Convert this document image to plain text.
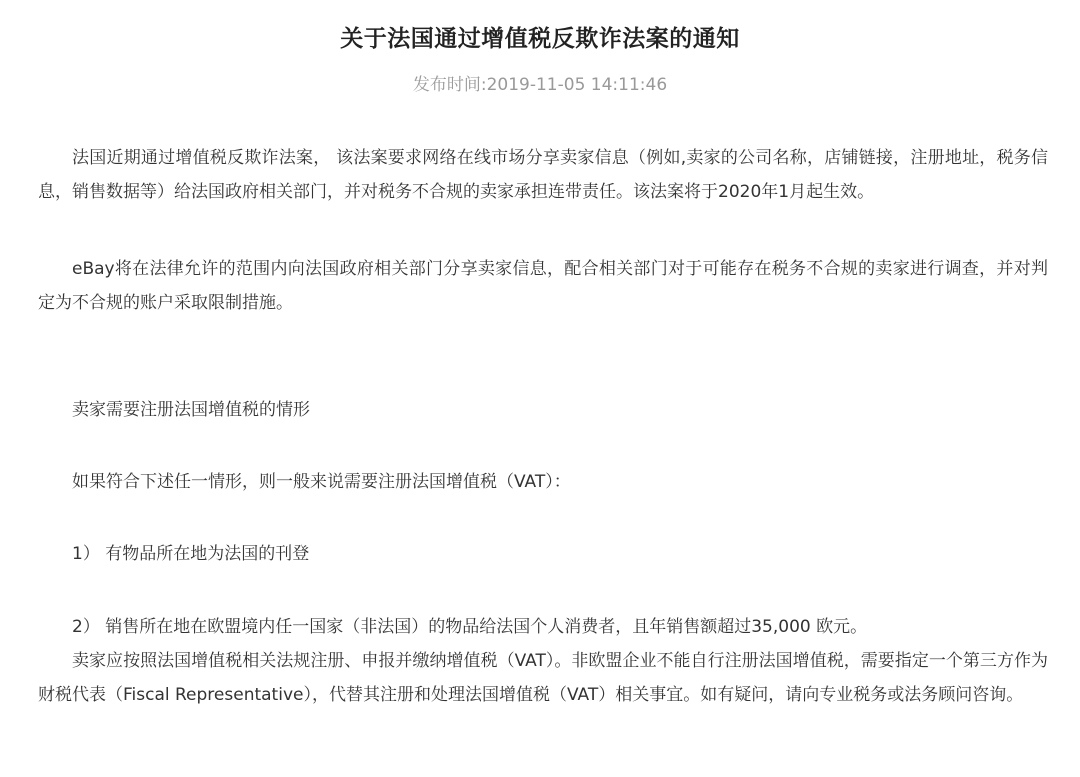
关于法国通过增值税反欺诈法案的通知
发布时间:2019-11-05 14:11:46

法国近期通过增值税反欺诈法案， 该法案要求网络在线市场分享卖家信息（例如,卖家的公司名称，店铺链接，注册地址，税务信息，销售数据等）给法国政府相关部门，并对税务不合规的卖家承担连带责任。该法案将于2020年1月起生效。

eBay将在法律允许的范围内向法国政府相关部门分享卖家信息，配合相关部门对于可能存在税务不合规的卖家进行调查，并对判定为不合规的账户采取限制措施。

卖家需要注册法国增值税的情形

如果符合下述任一情形，则一般来说需要注册法国增值税（VAT）：

1） 有物品所在地为法国的刊登

2） 销售所在地在欧盟境内任一国家（非法国）的物品给法国个人消费者，且年销售额超过35,000 欧元。

卖家应按照法国增值税相关法规注册、申报并缴纳增值税（VAT）。非欧盟企业不能自行注册法国增值税，需要指定一个第三方作为财税代表（Fiscal Representative），代替其注册和处理法国增值税（VAT）相关事宜。如有疑问，请向专业税务或法务顾问咨询。
